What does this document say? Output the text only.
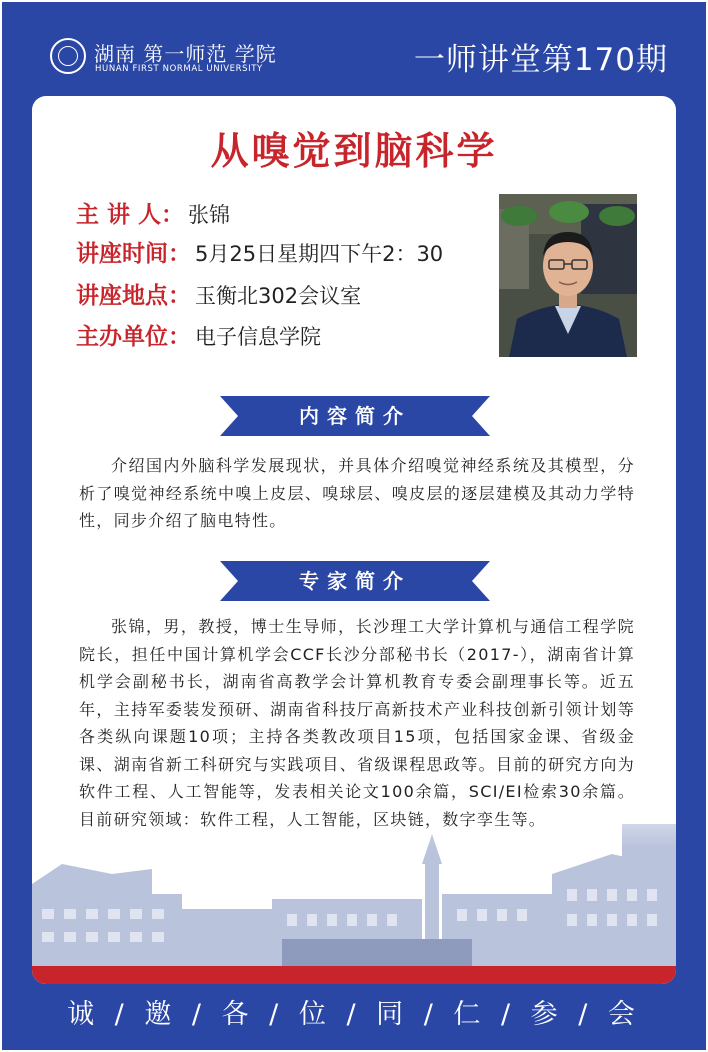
湖南 第一师范 学院
HUNAN FIRST NORMAL UNIVERSITY	一师讲堂第170期
从嗅觉到脑科学
主 讲 人： 张锦
讲座时间： 5月25日星期四下午2：30
讲座地点： 玉衡北302会议室
主办单位： 电子信息学院
内容简介
介绍国内外脑科学发展现状，并具体介绍嗅觉神经系统及其模型，分析了嗅觉神经系统中嗅上皮层、嗅球层、嗅皮层的逐层建模及其动力学特性，同步介绍了脑电特性。
专家简介
张锦，男，教授，博士生导师，长沙理工大学计算机与通信工程学院院长，担任中国计算机学会CCF长沙分部秘书长（2017-），湖南省计算机学会副秘书长，湖南省高教学会计算机教育专委会副理事长等。近五年，主持军委装发预研、湖南省科技厅高新技术产业科技创新引领计划等各类纵向课题10项；主持各类教改项目15项，包括国家金课、省级金课、湖南省新工科研究与实践项目、省级课程思政等。目前的研究方向为软件工程、人工智能等，发表相关论文100余篇，SCI/EI检索30余篇。目前研究领域：软件工程，人工智能，区块链，数字孪生等。
诚 / 邀 / 各 / 位 / 同 / 仁 / 参 / 会
